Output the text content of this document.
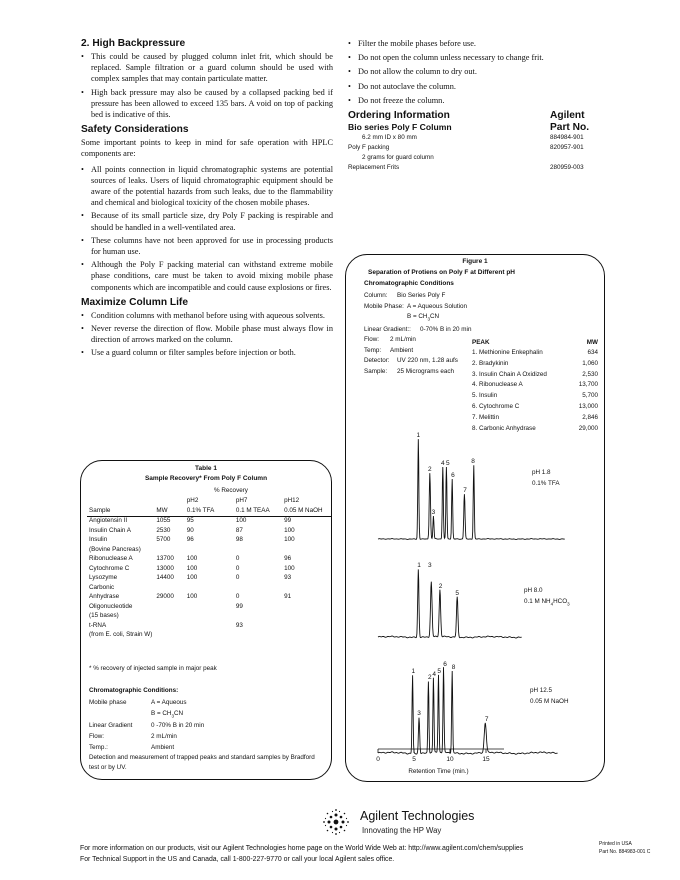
2. High Backpressure
• This could be caused by plugged column inlet frit, which should be replaced. Sample filtration or a guard column should be used with complex samples that may contain particulate matter.
• High back pressure may also be caused by a collapsed packing bed if pressure has been allowed to exceed 135 bars. A void on top of packing bed is indicative of this.
Safety Considerations
Some important points to keep in mind for safe operation with HPLC components are:
• All points connection in liquid chromatographic systems are potential sources of leaks. Users of liquid chromatographic equipment should be aware of the potential hazards from such leaks, due to the flammability and chemical and biological toxicity of the chosen mobile phases.
• Because of its small particle size, dry Poly F packing is respirable and should be handled in a well-ventilated area.
• These columns have not been approved for use in processing products for human use.
• Although the Poly F packing material can withstand extreme mobile phase conditions, care must be taken to avoid mixing mobile phase components which are incompatible and could cause explosions or fires.
Maximize Column Life
• Condition columns with methanol before using with aqueous solvents.
• Never reverse the direction of flow. Mobile phase must always flow in direction of arrows marked on the column.
• Use a guard column or filter samples before injection or both.
• Filter the mobile phases before use.
• Do not open the column unless necessary to change frit.
• Do not allow the column to dry out.
• Do not autoclave the column.
• Do not freeze the column.
Ordering Information	Agilent
Bio series Poly F Column	Part No.
6.2 mm ID x 80 mm	884984-901
Poly F packing	820957-901
2 grams for guard column
Replacement Frits	280959-003
Table 1
Sample Recovery* From Poly F Column
% Recovery
		pH2	pH7	pH12
Sample	MW	0.1% TFA	0.1 M TEAA	0.05 M NaOH
Angiotensin II	1055	95	100	99
Insulin Chain A	2530	90	87	100
Insulin	5700	96	98	100
(Bovine Pancreas)				
Ribonuclease A	13700	100	0	96
Cytochrome C	13000	100	0	100
Lysozyme	14400	100	0	93
Carbonic				
Anhydrase	29000	100	0	91
Oligonucleotide			99	
(15 bases)				
t-RNA			93	
(from E. coli, Strain W)				
* % recovery of injected sample in major peak
Chromatographic Conditions:
Mobile phase	A = Aqueous
$B = CH_3CN$
Linear Gradient	0 -70% B in 20 min
Flow:	2 mL/min
Temp.:	Ambient
Detection and measurement of trapped peaks and standard samples by Bradford test or by UV.
Figure 1
Separation of Protiens on Poly F at Different pH
Chromatographic Conditions
Column:	Bio Series Poly F
Mobile Phase: A = Aqueous Solution
$B = CH_3CN$
Linear Gradient::	0-70% B in 20 min
Flow:	2 mL/min
Temp:	Ambient
Detector:	UV 220 nm, 1.28 aufs
Sample:	25 Micrograms each
PEAK	MW
1. Methionine Enkephalin	634
2. Bradykinin	1,060
3. Insulin Chain A Oxidized	2,530
4. Ribonuclease A	13,700
5. Insulin	5,700
6. Cytochrome C	13,000
7. Melittin	2,846
8. Carbonic Anhydrase	29,000
1
2
3
4 5
6
7
8
1 3
2
5
1
3
2 4 5
6 8
7
0	5	10	15
Retention Time (min.)
pH 1.8
0.1% TFA
pH 8.0
0.1 M $NH_4HCO_3$
pH 12.5
0.05 M NaOH
Agilent Technologies
Innovating the HP Way
For more information on our products, visit our Agilent Technologies home page on the World Wide Web at: http://www.agilent.com/chem/supplies
For Technical Support in the US and Canada, call 1-800-227-9770 or call your local Agilent sales office.
Printed in USA
Part No. 884983-001 C
